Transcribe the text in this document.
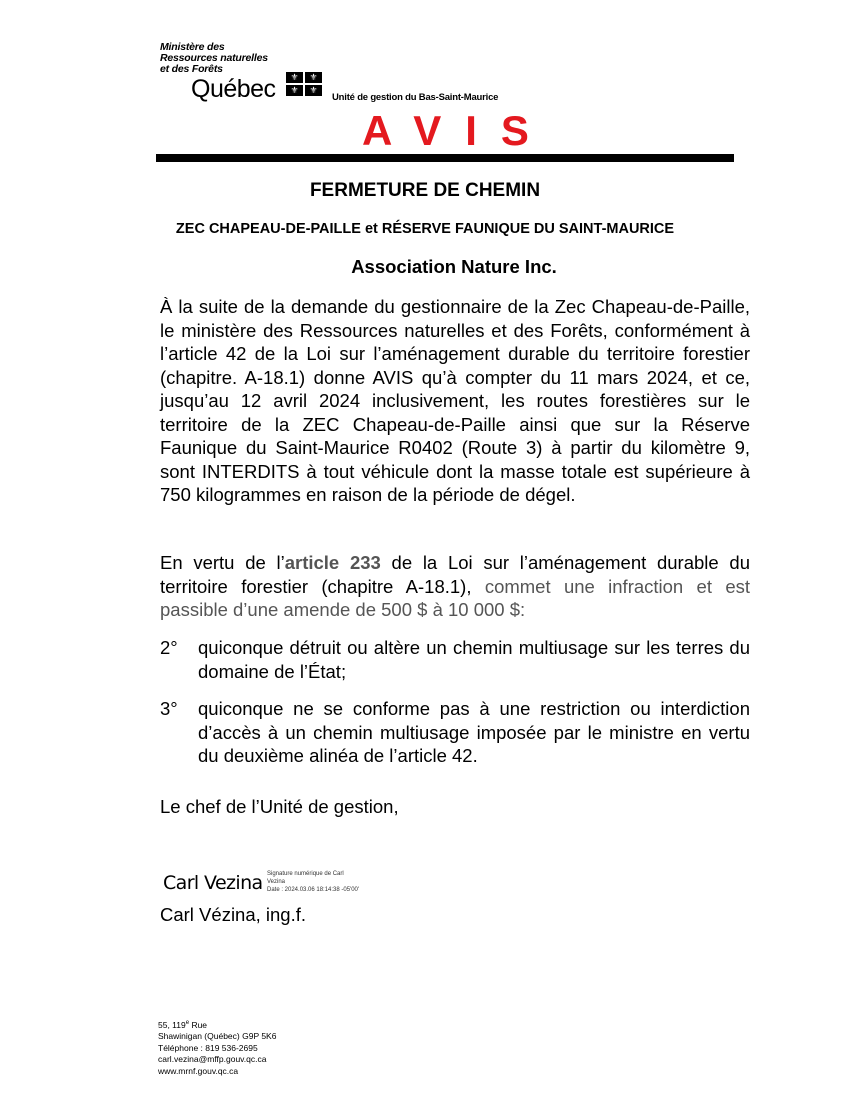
Ministère des
Ressources naturelles
et des Forêts
Québec	⚜	⚜
⚜	⚜
Unité de gestion du Bas-Saint-Maurice
AVIS
FERMETURE DE CHEMIN
ZEC CHAPEAU-DE-PAILLE et RÉSERVE FAUNIQUE DU SAINT-MAURICE
Association Nature Inc.
À la suite de la demande du gestionnaire de la Zec Chapeau-de-Paille, le ministère des Ressources naturelles et des Forêts, conformément à l’article 42 de la Loi sur l’aménagement durable du territoire forestier (chapitre. A-18.1) donne AVIS qu’à compter du 11 mars 2024, et ce, jusqu’au 12 avril 2024 inclusivement, les routes forestières sur le territoire de la ZEC Chapeau-de-Paille ainsi que sur la Réserve Faunique du Saint-Maurice R0402 (Route 3) à partir du kilomètre 9, sont INTERDITS à tout véhicule dont la masse totale est supérieure à 750 kilogrammes en raison de la période de dégel.
En vertu de l’article 233 de la Loi sur l’aménagement durable du territoire forestier (chapitre A-18.1), commet une infraction et est passible d’une amende de 500 $ à 10 000 $:
2° quiconque détruit ou altère un chemin multiusage sur les terres du domaine de l’État;
3° quiconque ne se conforme pas à une restriction ou interdiction d’accès à un chemin multiusage imposée par le ministre en vertu du deuxième alinéa de l’article 42.
Le chef de l’Unité de gestion,
Carl Vezina Signature numérique de Carl
Vezina
Date : 2024.03.06 18:14:38 -05'00'
Carl Vézina, ing.f.
55, 119e Rue
Shawinigan (Québec) G9P 5K6
Téléphone : 819 536-2695
carl.vezina@mffp.gouv.qc.ca
www.mrnf.gouv.qc.ca
